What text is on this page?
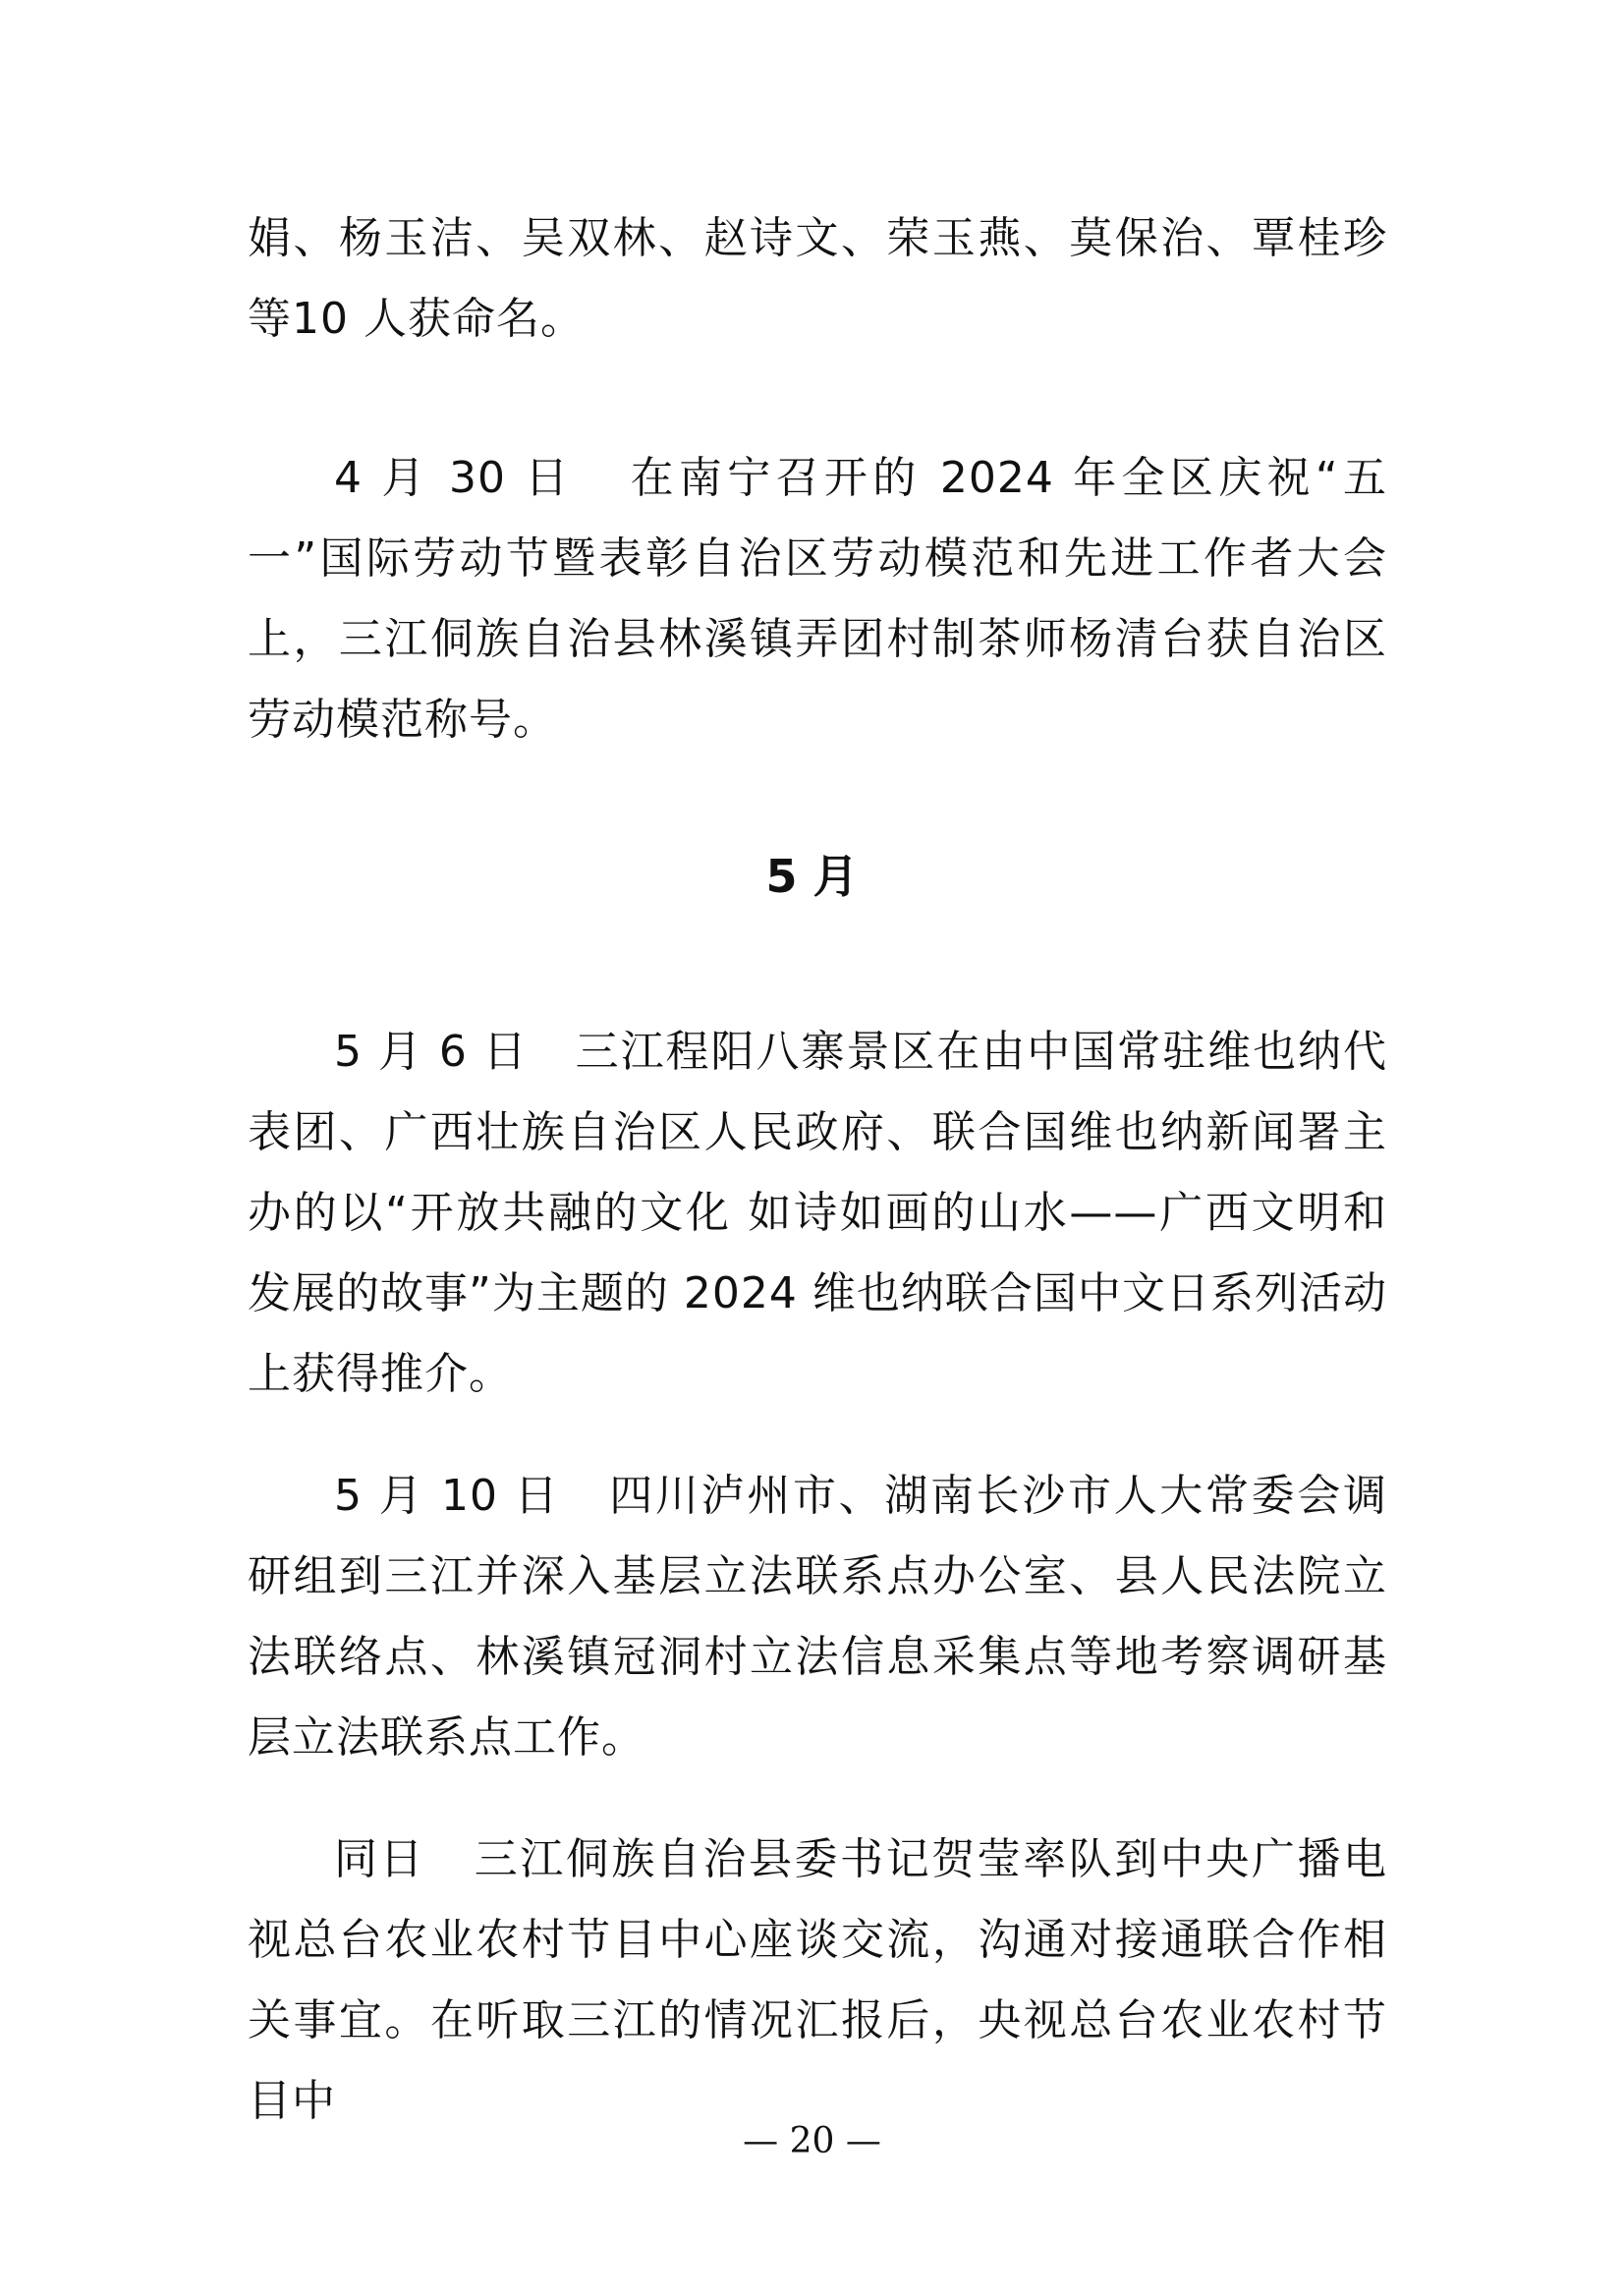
娟、杨玉洁、吴双林、赵诗文、荣玉燕、莫保治、覃桂珍等10 人获命名。

4 月 30 日 在南宁召开的 2024 年全区庆祝“五一”国际劳动节暨表彰自治区劳动模范和先进工作者大会上，三江侗族自治县林溪镇弄团村制茶师杨清台获自治区劳动模范称号。

5 月

5 月 6 日 三江程阳八寨景区在由中国常驻维也纳代表团、广西壮族自治区人民政府、联合国维也纳新闻署主办的以“开放共融的文化 如诗如画的山水——广西文明和发展的故事”为主题的 2024 维也纳联合国中文日系列活动上获得推介。

5 月 10 日 四川泸州市、湖南长沙市人大常委会调研组到三江并深入基层立法联系点办公室、县人民法院立法联络点、林溪镇冠洞村立法信息采集点等地考察调研基层立法联系点工作。

同日 三江侗族自治县委书记贺莹率队到中央广播电视总台农业农村节目中心座谈交流，沟通对接通联合作相关事宜。在听取三江的情况汇报后，央视总台农业农村节目中

— 20 —
